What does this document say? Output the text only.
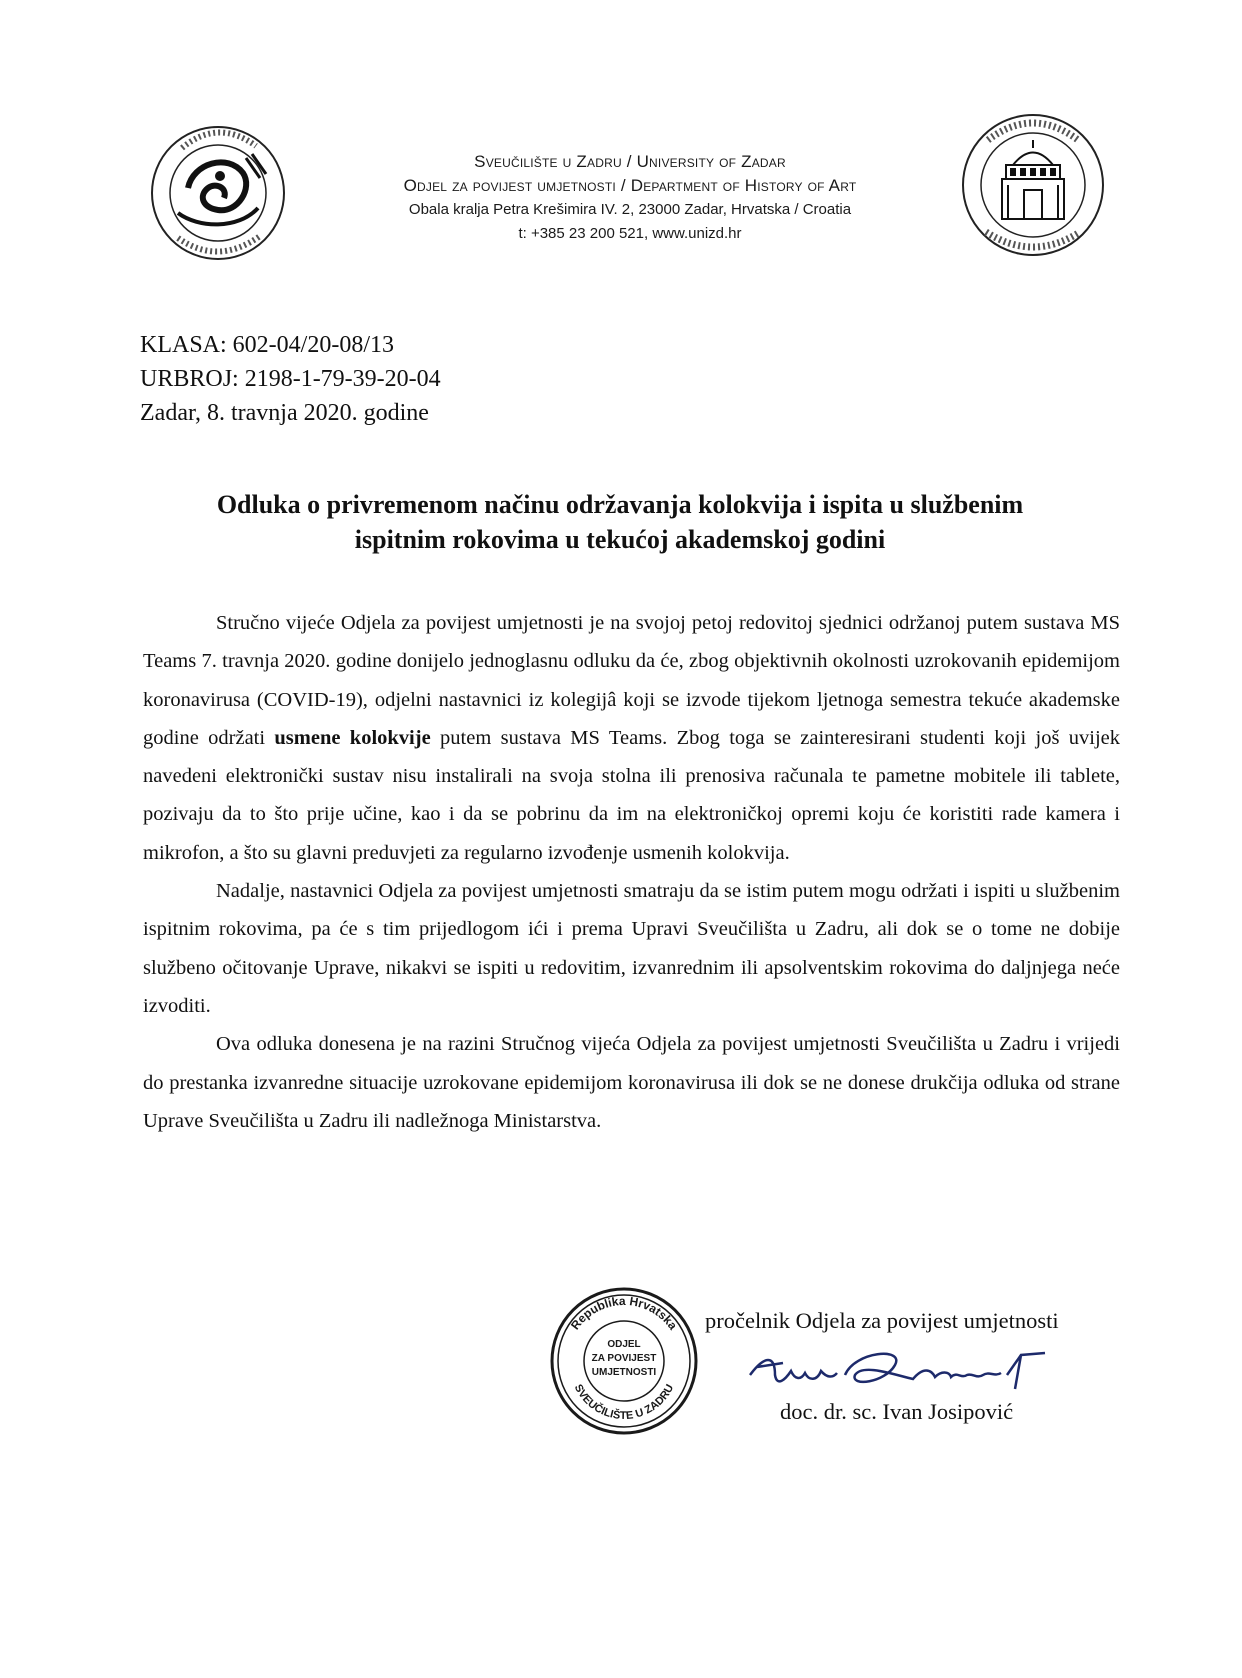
Sveučilište u Zadru / University of Zadar
Odjel za povijest umjetnosti / Department of History of Art
Obala kralja Petra Krešimira IV. 2, 23000 Zadar, Hrvatska / Croatia
t: +385 23 200 521, www.unizd.hr
KLASA: 602-04/20-08/13
URBROJ: 2198-1-79-39-20-04
Zadar, 8. travnja 2020. godine
Odluka o privremenom načinu održavanja kolokvija i ispita u službenim
ispitnim rokovima u tekućoj akademskoj godini

Stručno vijeće Odjela za povijest umjetnosti je na svojoj petoj redovitoj sjednici održanoj putem sustava MS Teams 7. travnja 2020. godine donijelo jednoglasnu odluku da će, zbog objektivnih okolnosti uzrokovanih epidemijom koronavirusa (COVID-19), odjelni nastavnici iz kolegijâ koji se izvode tijekom ljetnoga semestra tekuće akademske godine održati usmene kolokvije putem sustava MS Teams. Zbog toga se zainteresirani studenti koji još uvijek navedeni elektronički sustav nisu instalirali na svoja stolna ili prenosiva računala te pametne mobitele ili tablete, pozivaju da to što prije učine, kao i da se pobrinu da im na elektroničkoj opremi koju će koristiti rade kamera i mikrofon, a što su glavni preduvjeti za regularno izvođenje usmenih kolokvija.

Nadalje, nastavnici Odjela za povijest umjetnosti smatraju da se istim putem mogu održati i ispiti u službenim ispitnim rokovima, pa će s tim prijedlogom ići i prema Upravi Sveučilišta u Zadru, ali dok se o tome ne dobije službeno očitovanje Uprave, nikakvi se ispiti u redovitim, izvanrednim ili apsolventskim rokovima do daljnjega neće izvoditi.

Ova odluka donesena je na razini Stručnog vijeća Odjela za povijest umjetnosti Sveučilišta u Zadru i vrijedi do prestanka izvanredne situacije uzrokovane epidemijom koronavirusa ili dok se ne donese drukčija odluka od strane Uprave Sveučilišta u Zadru ili nadležnoga Ministarstva.

Republika Hrvatska
SVEUČILIŠTE U ZADRU
ODJEL
ZA POVIJEST
UMJETNOSTI
pročelnik Odjela za povijest umjetnosti
doc. dr. sc. Ivan Josipović
